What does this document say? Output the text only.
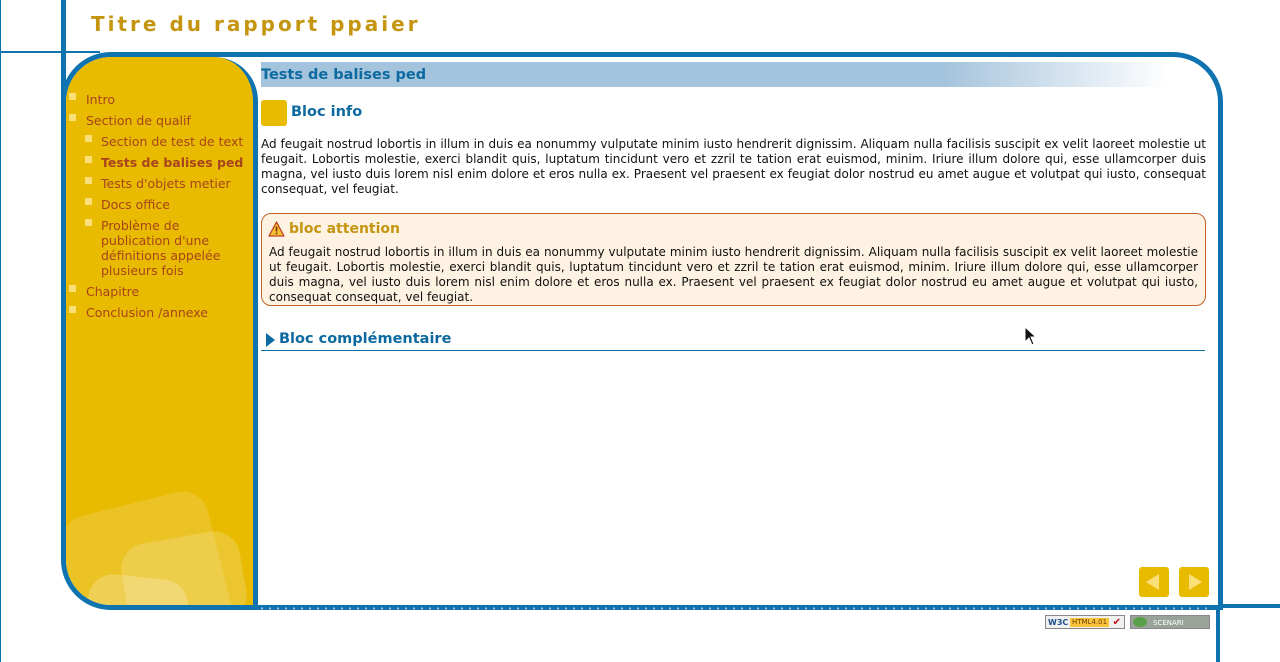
Titre du rapport ppaier
Intro
Section de qualif
Section de test de text
Tests de balises ped
Tests d'objets metier
Docs office
Problème de publication d'une définitions appelée plusieurs fois
Chapitre
Conclusion /annexe
Tests de balises ped
Bloc info

Ad feugait nostrud lobortis in illum in duis ea nonummy vulputate minim iusto hendrerit dignissim. Aliquam nulla facilisis suscipit ex velit laoreet molestie ut feugait. Lobortis molestie, exerci blandit quis, luptatum tincidunt vero et zzril te tation erat euismod, minim. Iriure illum dolore qui, esse ullamcorper duis magna, vel iusto duis lorem nisl enim dolore et eros nulla ex. Praesent vel praesent ex feugiat dolor nostrud eu amet augue et volutpat qui iusto, consequat consequat, vel feugiat.

bloc attention

Ad feugait nostrud lobortis in illum in duis ea nonummy vulputate minim iusto hendrerit dignissim. Aliquam nulla facilisis suscipit ex velit laoreet molestie ut feugait. Lobortis molestie, exerci blandit quis, luptatum tincidunt vero et zzril te tation erat euismod, minim. Iriure illum dolore qui, esse ullamcorper duis magna, vel iusto duis lorem nisl enim dolore et eros nulla ex. Praesent vel praesent ex feugiat dolor nostrud eu amet augue et volutpat qui iusto, consequat consequat, vel feugiat.

Bloc complémentaire
W3C HTML4.01 ✔	SCENARI
